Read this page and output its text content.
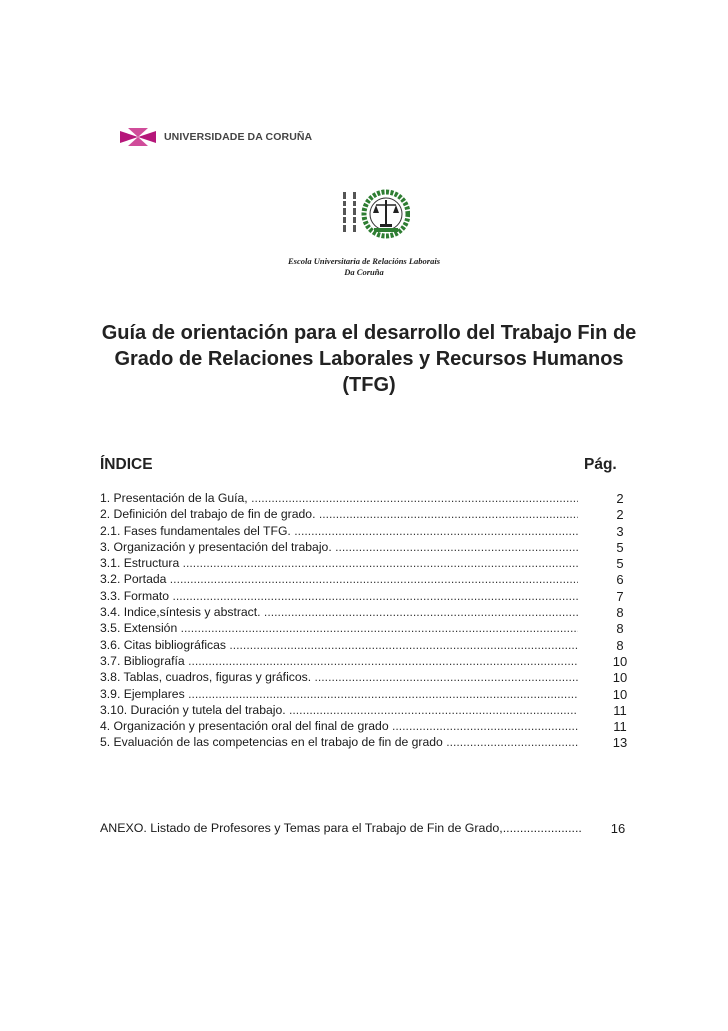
UNIVERSIDADE DA CORUÑA
Escola Universitaria de Relacións Laborais
Da Coruña
Guía de orientación para el desarrollo del Trabajo Fin de Grado de Relaciones Laborales y Recursos Humanos (TFG)
ÍNDICE	Pág.
1. Presentación de la Guía, .....	2
2. Definición del trabajo de fin de grado. .....	2
2.1. Fases fundamentales del TFG. .....	3
3. Organización y presentación del trabajo. .....	5
3.1. Estructura .....	5
3.2. Portada .....	6
3.3. Formato .....	7
3.4. Indice,síntesis y abstract. .....	8
3.5. Extensión .....	8
3.6. Citas bibliográficas .....	8
3.7. Bibliografía .....	10
3.8. Tablas, cuadros, figuras y gráficos. .....	10
3.9. Ejemplares .....	10
3.10. Duración y tutela del trabajo. .....	11
4. Organización y presentación oral del final de grado .....	11
5. Evaluación de las competencias en el trabajo de fin de grado .....	13
ANEXO. Listado de Profesores y Temas para el Trabajo de Fin de Grado, .....	16
